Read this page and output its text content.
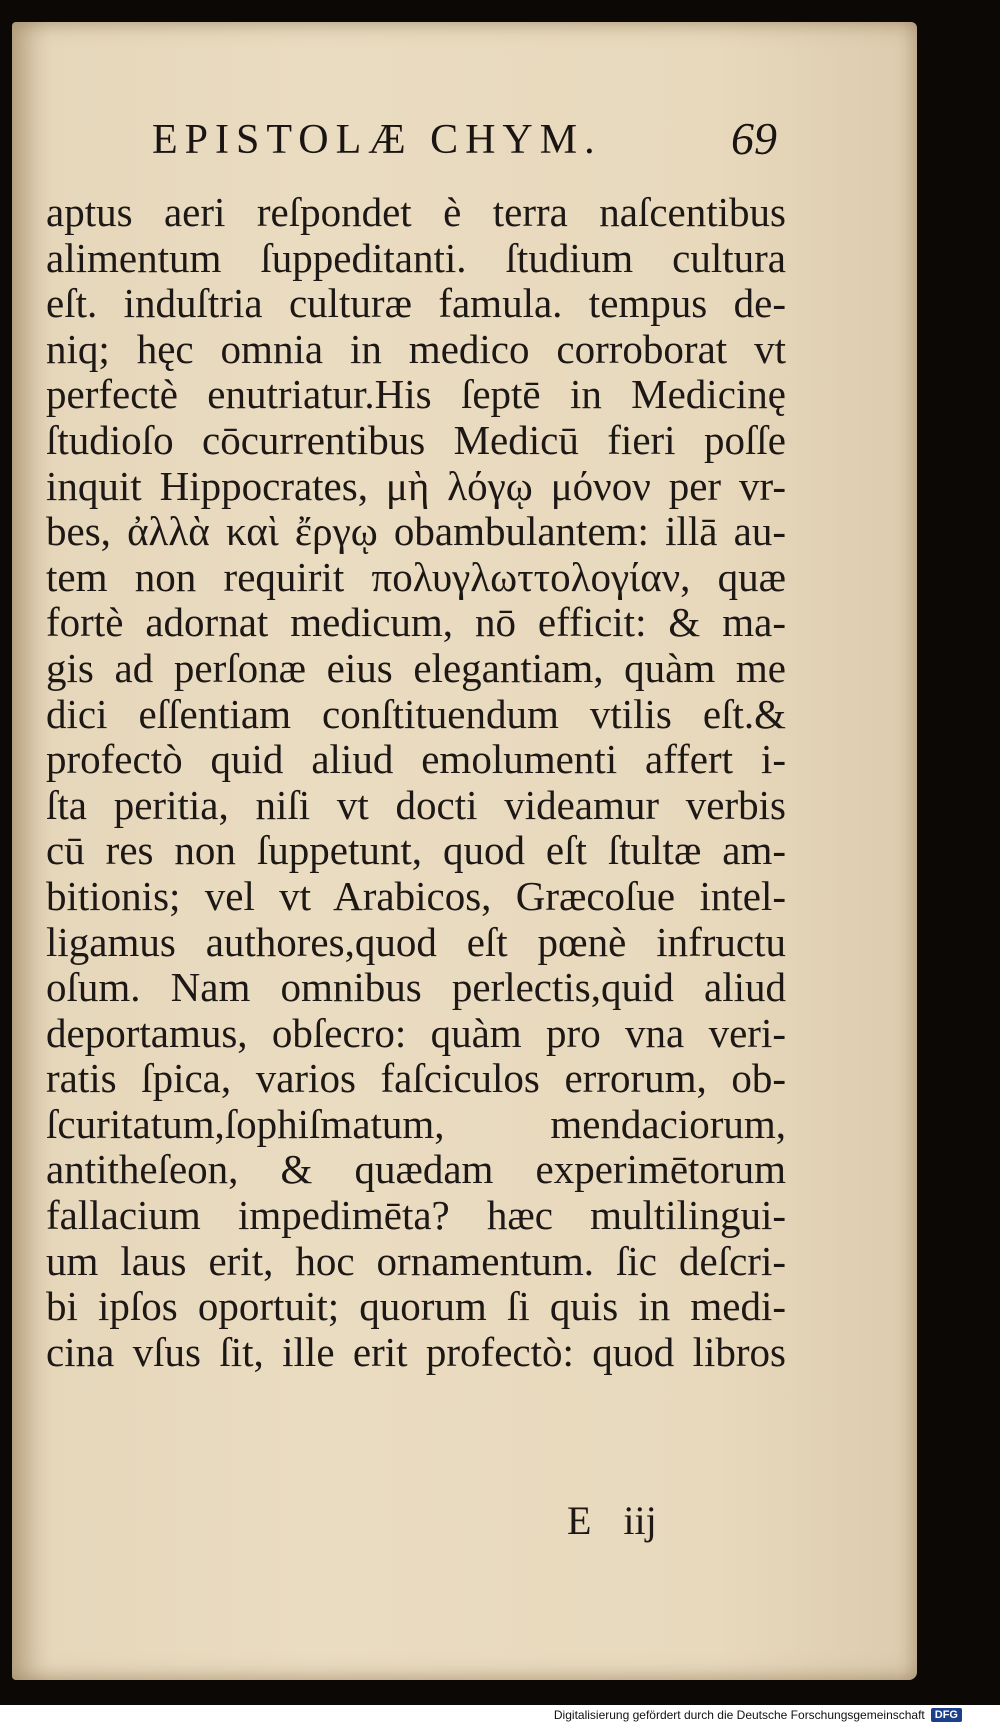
EPISTOLÆ CHYM.	69
aptus aeri reſpondet è terra naſcentibus
alimentum ſuppeditanti. ſtudium cultura
eſt. induſtria culturæ famula. tempus de-
niq; hęc omnia in medico corroborat vt
perfectè enutriatur.His ſeptē in Medicinę
ſtudioſo cōcurrentibus Medicū fieri poſſe
inquit Hippocrates, μὴ λόγῳ μόνον per vr-
bes, ἀλλὰ καὶ ἔργῳ obambulantem: illā au-
tem non requirit πολυγλωττολογίαν, quæ
fortè adornat medicum, nō efficit: & ma-
gis ad perſonæ eius elegantiam, quàm me
dici eſſentiam conſtituendum vtilis eſt.&
profectò quid aliud emolumenti affert i-
ſta peritia, niſi vt docti videamur verbis
cū res non ſuppetunt, quod eſt ſtultæ am-
bitionis; vel vt Arabicos, Græcoſue intel-
ligamus authores,quod eſt pœnè infructu
oſum. Nam omnibus perlectis,quid aliud
deportamus, obſecro: quàm pro vna veri-
ratis ſpica, varios faſciculos errorum, ob-
ſcuritatum,ſophiſmatum, mendaciorum,
antitheſeon, & quædam experimētorum
fallacium impedimēta? hæc multilingui-
um laus erit, hoc ornamentum. ſic deſcri-
bi ipſos oportuit; quorum ſi quis in medi-
cina vſus ſit, ille erit profectò: quod libros
E iij
Digitalisierung gefördert durch die Deutsche Forschungsgemeinschaft DFG
